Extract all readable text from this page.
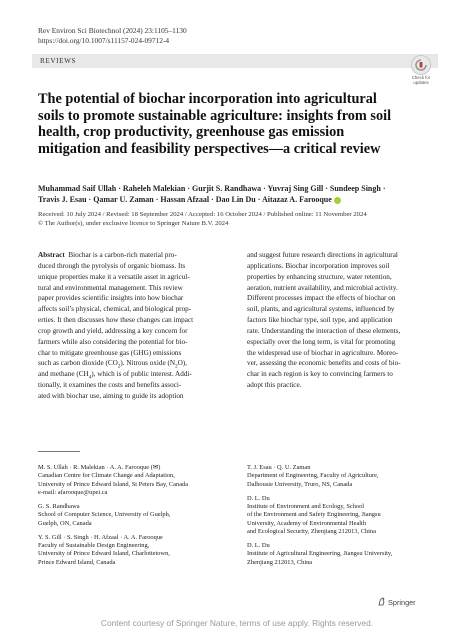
Rev Environ Sci Biotechnol (2024) 23:1105–1130
https://doi.org/10.1007/s11157-024-09712-4
REVIEWS
Check for
updates
The potential of biochar incorporation into agricultural
soils to promote sustainable agriculture: insights from soil
health, crop productivity, greenhouse gas emission
mitigation and feasibility perspectives—a critical review
Muhammad Saif Ullah · Raheleh Malekian · Gurjit S. Randhawa · Yuvraj Sing Gill · Sundeep Singh ·
Travis J. Esau · Qamar U. Zaman · Hassan Afzaal · Dao Lin Du · Aitazaz A. Farooque
Received: 10 July 2024 / Revised: 18 September 2024 / Accepted: 16 October 2024 / Published online: 11 November 2024
© The Author(s), under exclusive licence to Springer Nature B.V. 2024
Abstract Biochar is a carbon-rich material pro-
duced through the pyrolysis of organic biomass. Its
unique properties make it a versatile asset in agricul-
tural and environmental management. This review
paper provides scientific insights into how biochar
affects soil’s physical, chemical, and biological prop-
erties. It then discusses how these changes can impact
crop growth and yield, addressing a key concern for
farmers while also considering the potential for bio-
char to mitigate greenhouse gas (GHG) emissions
such as carbon dioxide $(CO_2)$. Nitrous oxide $(N_2O)$,
and methane $(CH_4)$, which is of public interest. Addi-
tionally, it examines the costs and benefits associ-
ated with biochar use, aiming to guide its adoption
and suggest future research directions in agricultural
applications. Biochar incorporation improves soil
properties by enhancing structure, water retention,
aeration, nutrient availability, and microbial activity.
Different processes impact the effects of biochar on
soil, plants, and agricultural systems, influenced by
factors like biochar type, soil type, and application
rate. Understanding the interaction of these elements,
especially over the long term, is vital for promoting
the widespread use of biochar in agriculture. Moreo-
ver, assessing the economic benefits and costs of bio-
char in each region is key to convincing farmers to
adopt this practice.
M. S. Ullah · R. Malekian · A. A. Farooque (✉)
Canadian Centre for Climate Change and Adaptation,
University of Prince Edward Island, St Peters Bay, Canada
e-mail: afarooque@upei.ca
G. S. Randhawa
School of Computer Science, University of Guelph,
Guelph, ON, Canada
Y. S. Gill · S. Singh · H. Afzaal · A. A. Farooque
Faculty of Sustainable Design Engineering,
University of Prince Edward Island, Charlottetown,
Prince Edward Island, Canada
T. J. Esau · Q. U. Zaman
Department of Engineering, Faculty of Agriculture,
Dalhousie University, Truro, NS, Canada
D. L. Du
Institute of Environment and Ecology, School
of the Environment and Safety Engineering, Jiangsu
University, Academy of Environmental Health
and Ecological Security, Zhenjiang 212013, China
D. L. Du
Institute of Agricultural Engineering, Jiangsu University,
Zhenjiang 212013, China
Springer
Content courtesy of Springer Nature, terms of use apply. Rights reserved.
